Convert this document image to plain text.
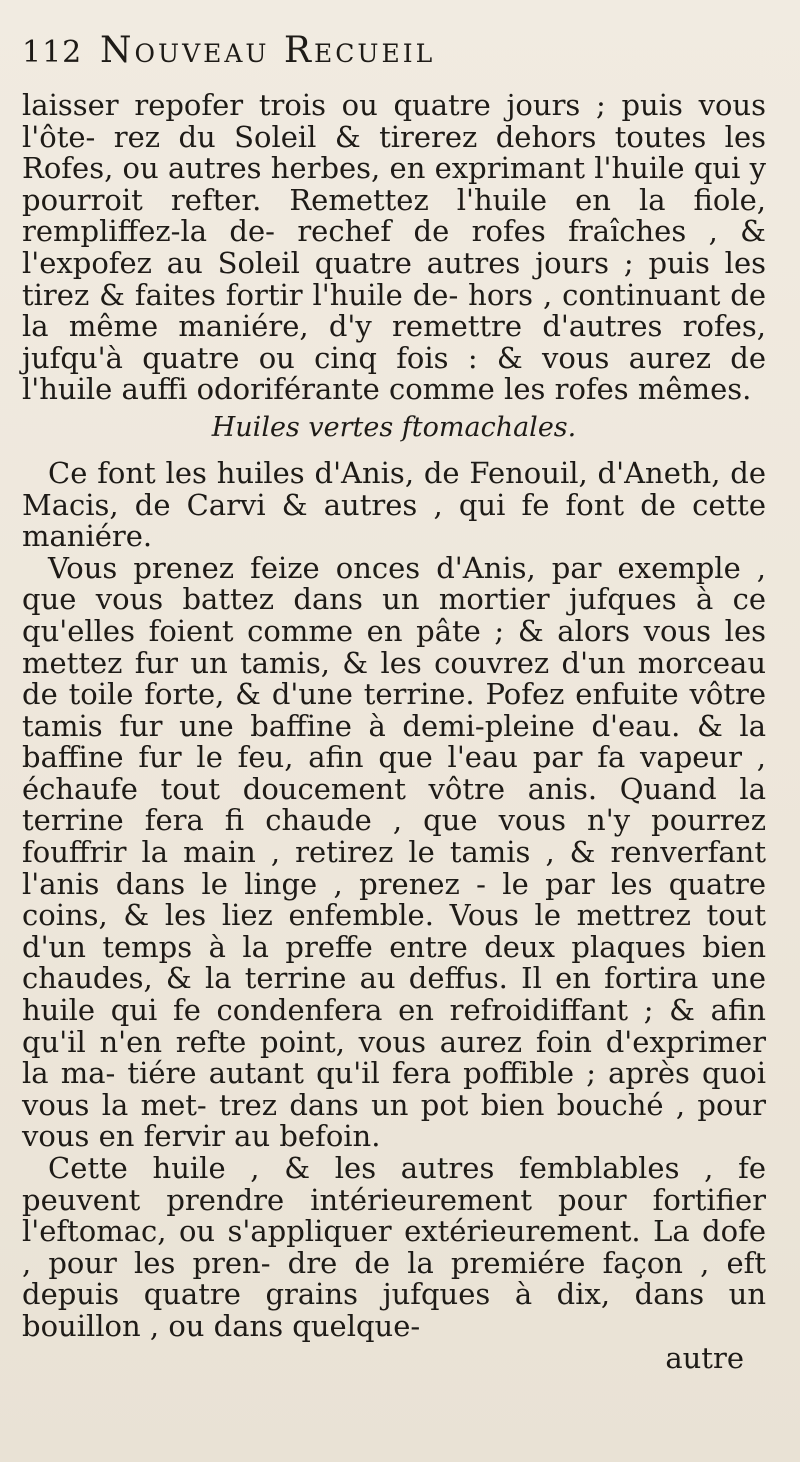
112 Nouveau Recueil

laisser repofer trois ou quatre jours ; puis vous l'ôte- rez du Soleil & tirerez dehors toutes les Rofes, ou autres herbes, en exprimant l'huile qui y pourroit refter. Remettez l'huile en la fiole, rempliffez-la de- rechef de rofes fraîches , & l'expofez au Soleil quatre autres jours ; puis les tirez & faites fortir l'huile de- hors , continuant de la même maniére, d'y remettre d'autres rofes, jufqu'à quatre ou cinq fois : & vous aurez de l'huile auffi odoriférante comme les rofes mêmes.

Huiles vertes ftomachales.

Ce font les huiles d'Anis, de Fenouil, d'Aneth, de Macis, de Carvi & autres , qui fe font de cette maniére.

Vous prenez feize onces d'Anis, par exemple , que vous battez dans un mortier jufques à ce qu'elles foient comme en pâte ; & alors vous les mettez fur un tamis, & les couvrez d'un morceau de toile forte, & d'une terrine. Pofez enfuite vôtre tamis fur une baffine à demi-pleine d'eau. & la baffine fur le feu, afin que l'eau par fa vapeur , échaufe tout doucement vôtre anis. Quand la terrine fera fi chaude , que vous n'y pourrez fouffrir la main , retirez le tamis , & renverfant l'anis dans le linge , prenez - le par les quatre coins, & les liez enfemble. Vous le mettrez tout d'un temps à la preffe entre deux plaques bien chaudes, & la terrine au deffus. Il en fortira une huile qui fe condenfera en refroidiffant ; & afin qu'il n'en refte point, vous aurez foin d'exprimer la ma- tiére autant qu'il fera poffible ; après quoi vous la met- trez dans un pot bien bouché , pour vous en fervir au befoin.

Cette huile , & les autres femblables , fe peuvent prendre intérieurement pour fortifier l'eftomac, ou s'appliquer extérieurement. La dofe , pour les pren- dre de la premiére façon , eft depuis quatre grains jufques à dix, dans un bouillon , ou dans quelque-

autre
